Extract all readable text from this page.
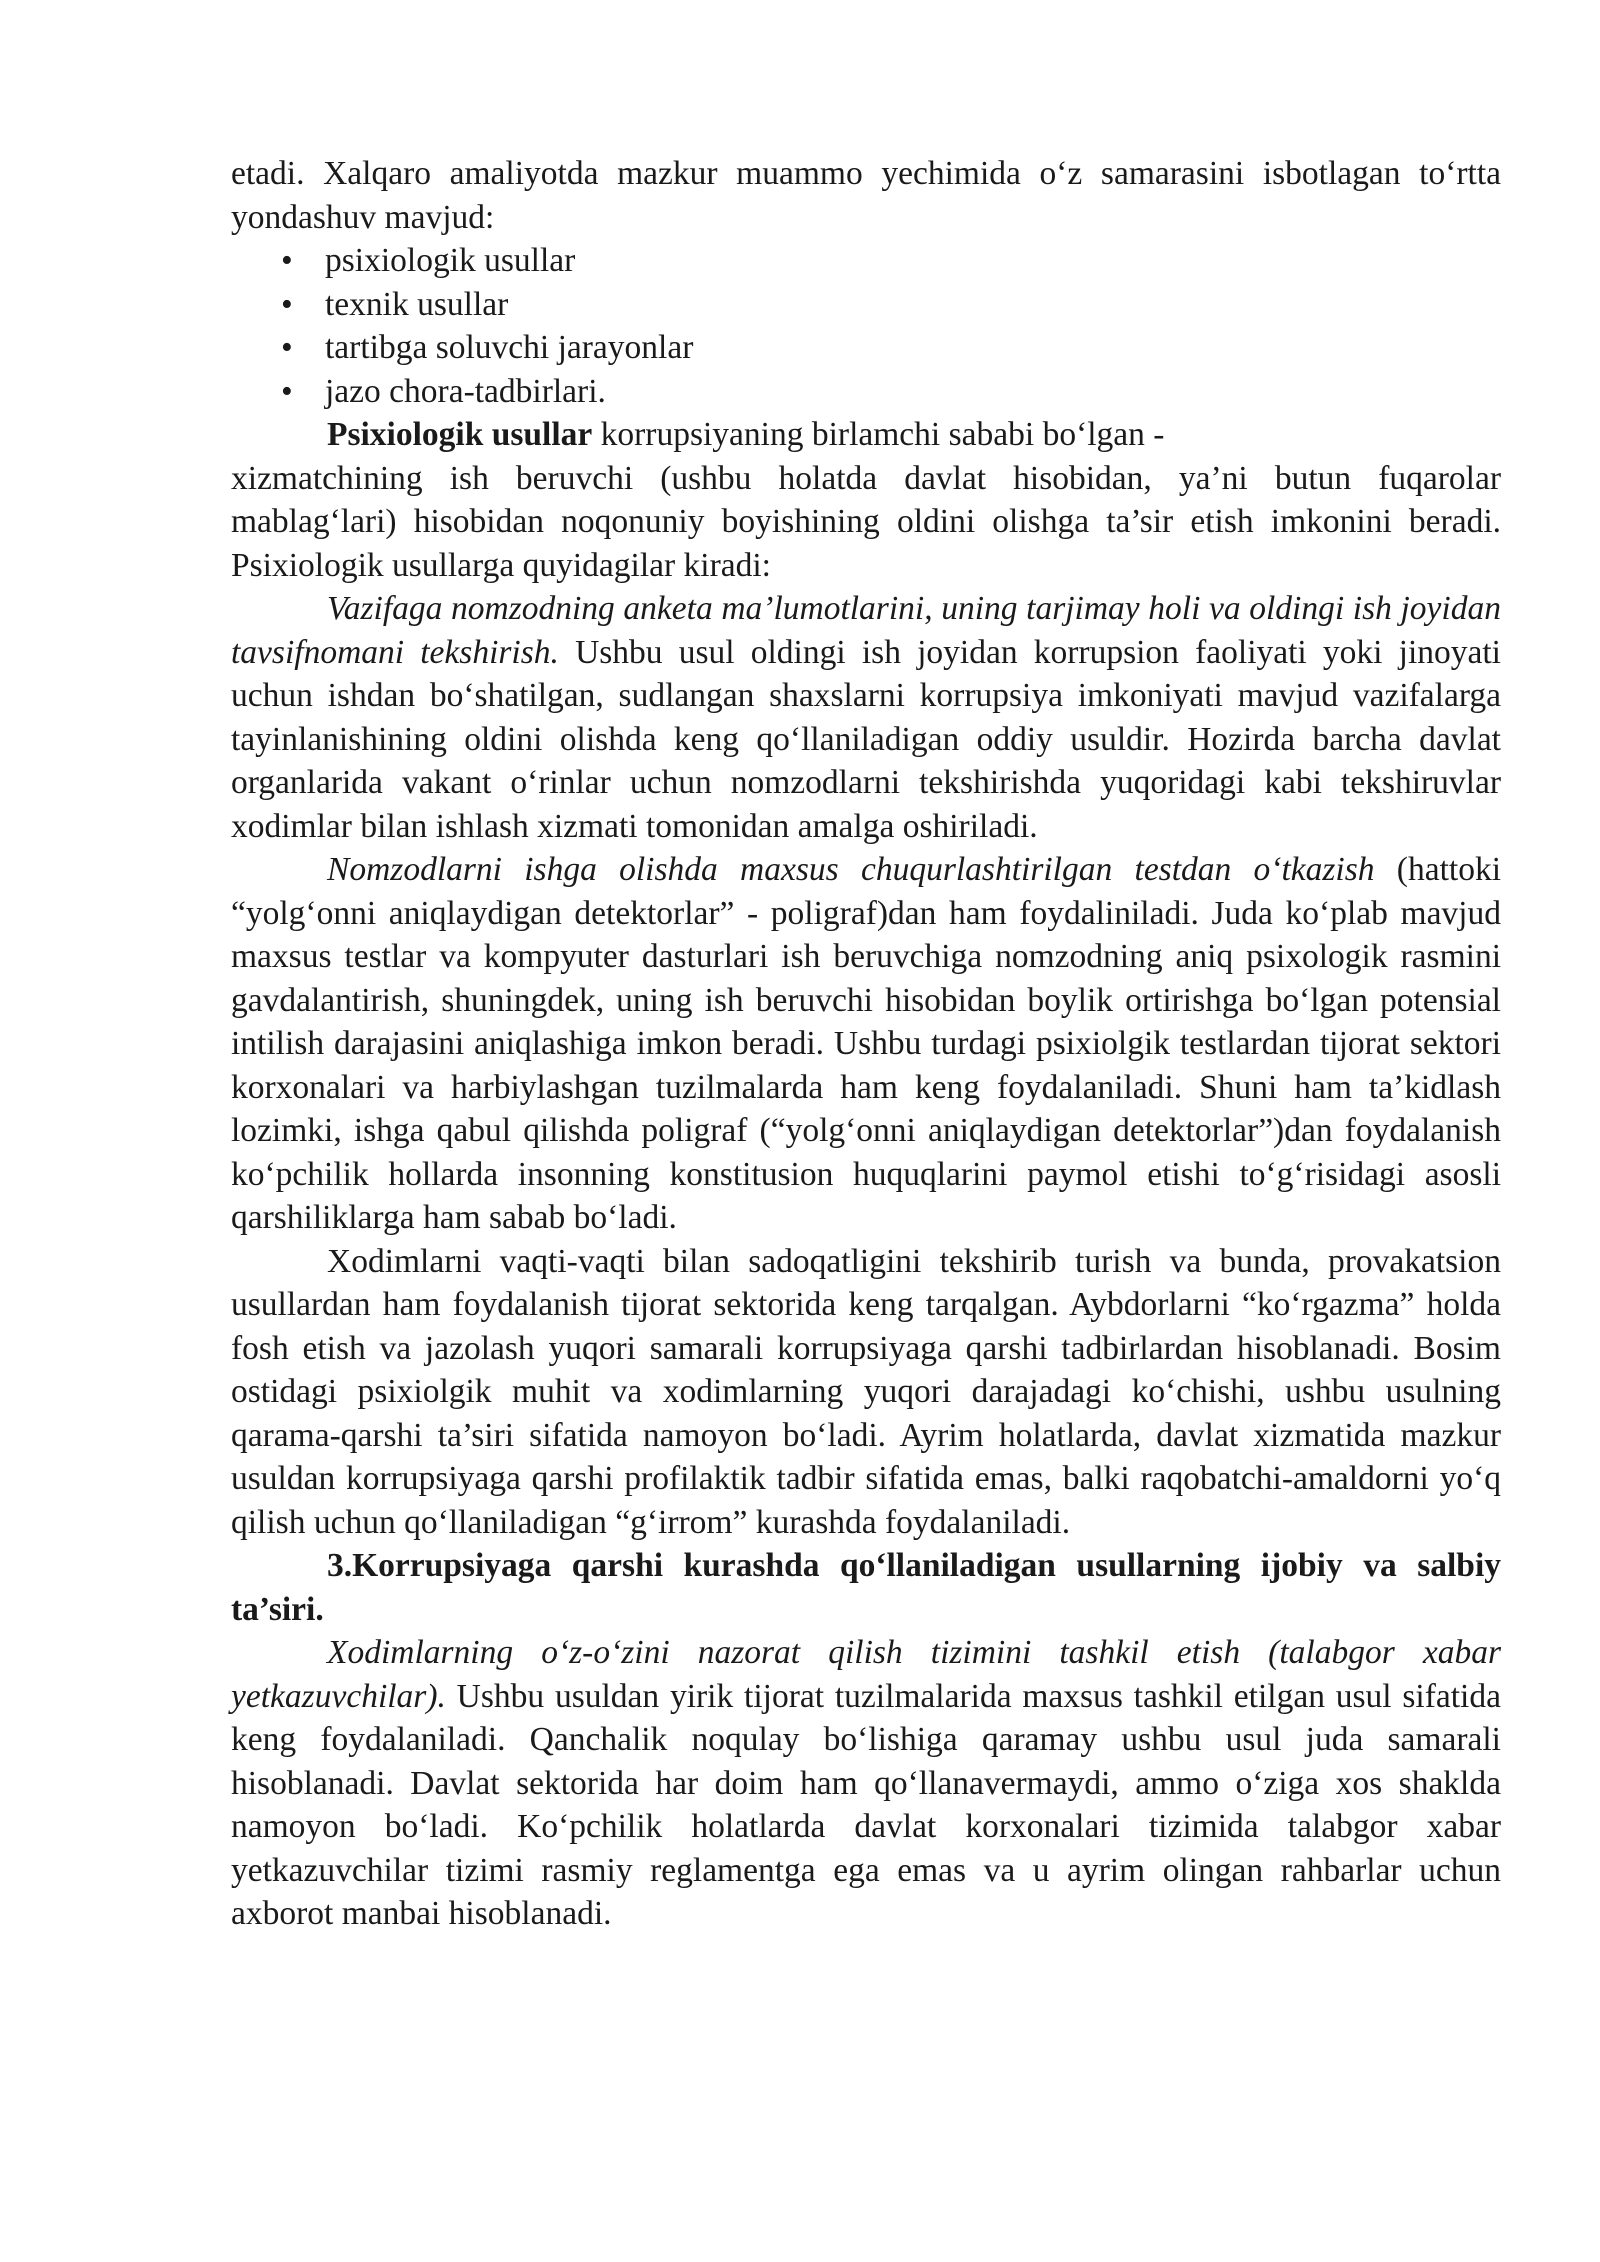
etadi. Xalqaro amaliyotda mazkur muammo yechimida o‘z samarasini isbotlagan to‘rtta yondashuv mavjud:

• psixiologik usullar
• texnik usullar
• tartibga soluvchi jarayonlar
• jazo chora-tadbirlari.

Psixiologik usullar korrupsiyaning birlamchi sababi bo‘lgan -
xizmatchining ish beruvchi (ushbu holatda davlat hisobidan, ya’ni butun fuqarolar mablag‘lari) hisobidan noqonuniy boyishining oldini olishga ta’sir etish imkonini beradi. Psixiologik usullarga quyidagilar kiradi:

Vazifaga nomzodning anketa ma’lumotlarini, uning tarjimay holi va oldingi ish joyidan tavsifnomani tekshirish. Ushbu usul oldingi ish joyidan korrupsion faoliyati yoki jinoyati uchun ishdan bo‘shatilgan, sudlangan shaxslarni korrupsiya imkoniyati mavjud vazifalarga tayinlanishining oldini olishda keng qo‘llaniladigan oddiy usuldir. Hozirda barcha davlat organlarida vakant o‘rinlar uchun nomzodlarni tekshirishda yuqoridagi kabi tekshiruvlar xodimlar bilan ishlash xizmati tomonidan amalga oshiriladi.

Nomzodlarni ishga olishda maxsus chuqurlashtirilgan testdan o‘tkazish (hattoki “yolg‘onni aniqlaydigan detektorlar” - poligraf)dan ham foydaliniladi. Juda ko‘plab mavjud maxsus testlar va kompyuter dasturlari ish beruvchiga nomzodning aniq psixologik rasmini gavdalantirish, shuningdek, uning ish beruvchi hisobidan boylik ortirishga bo‘lgan potensial intilish darajasini aniqlashiga imkon beradi. Ushbu turdagi psixiolgik testlardan tijorat sektori korxonalari va harbiylashgan tuzilmalarda ham keng foydalaniladi. Shuni ham ta’kidlash lozimki, ishga qabul qilishda poligraf (“yolg‘onni aniqlaydigan detektorlar”)dan foydalanish ko‘pchilik hollarda insonning konstitusion huquqlarini paymol etishi to‘g‘risidagi asosli qarshiliklarga ham sabab bo‘ladi.

Xodimlarni vaqti-vaqti bilan sadoqatligini tekshirib turish va bunda, provakatsion usullardan ham foydalanish tijorat sektorida keng tarqalgan. Aybdorlarni “ko‘rgazma” holda fosh etish va jazolash yuqori samarali korrupsiyaga qarshi tadbirlardan hisoblanadi. Bosim ostidagi psixiolgik muhit va xodimlarning yuqori darajadagi ko‘chishi, ushbu usulning qarama-qarshi ta’siri sifatida namoyon bo‘ladi. Ayrim holatlarda, davlat xizmatida mazkur usuldan korrupsiyaga qarshi profilaktik tadbir sifatida emas, balki raqobatchi-amaldorni yo‘q qilish uchun qo‘llaniladigan “g‘irrom” kurashda foydalaniladi.

3.Korrupsiyaga qarshi kurashda qo‘llaniladigan usullarning ijobiy va salbiy ta’siri.

Xodimlarning o‘z-o‘zini nazorat qilish tizimini tashkil etish (talabgor xabar yetkazuvchilar). Ushbu usuldan yirik tijorat tuzilmalarida maxsus tashkil etilgan usul sifatida keng foydalaniladi. Qanchalik noqulay bo‘lishiga qaramay ushbu usul juda samarali hisoblanadi. Davlat sektorida har doim ham qo‘llanavermaydi, ammo o‘ziga xos shaklda namoyon bo‘ladi. Ko‘pchilik holatlarda davlat korxonalari tizimida talabgor xabar yetkazuvchilar tizimi rasmiy reglamentga ega emas va u ayrim olingan rahbarlar uchun axborot manbai hisoblanadi.
